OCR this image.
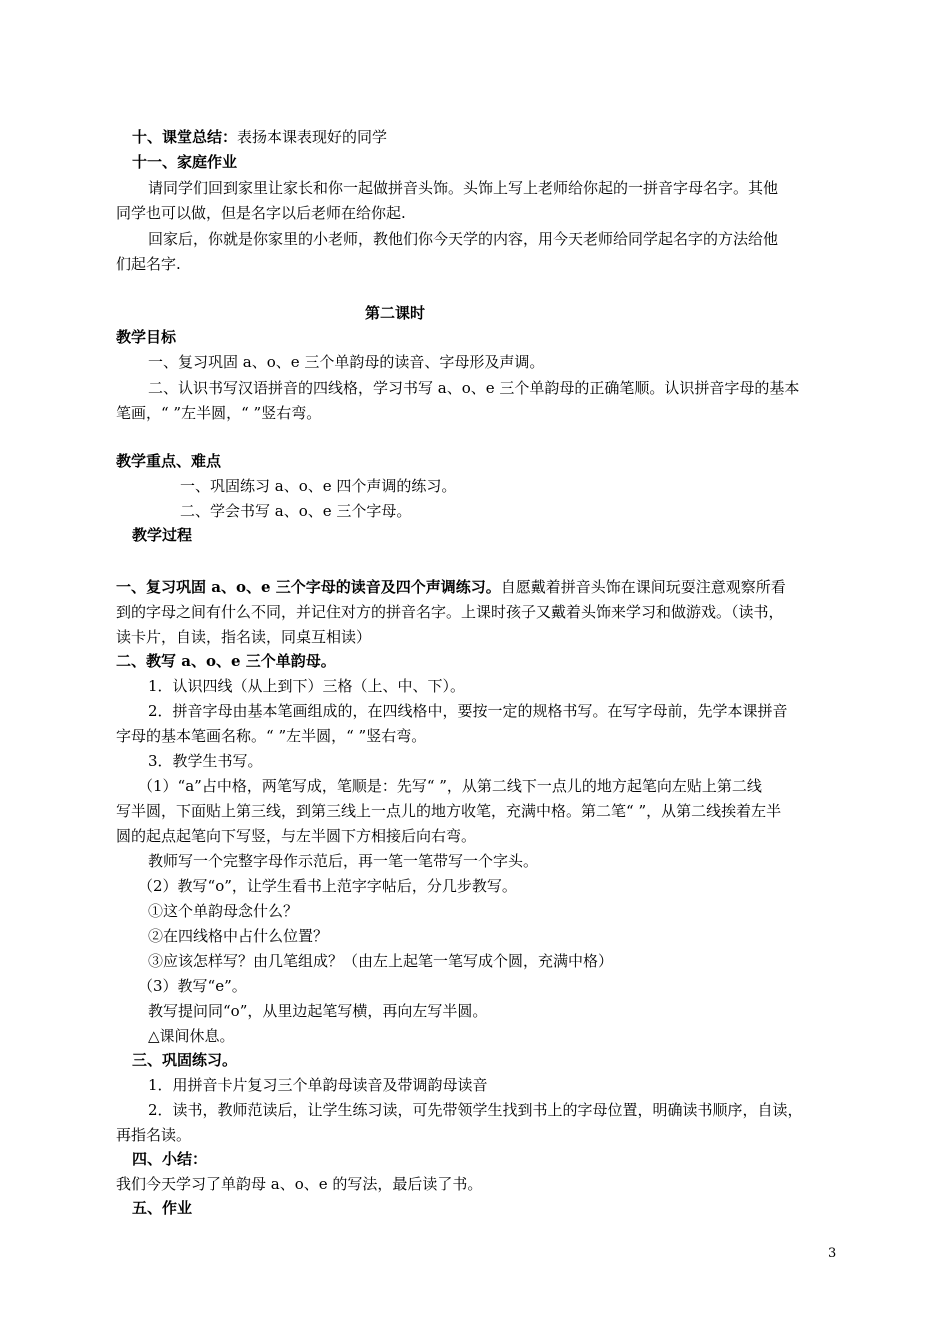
十、课堂总结：表扬本课表现好的同学
十一、家庭作业
请同学们回到家里让家长和你一起做拼音头饰。头饰上写上老师给你起的一拼音字母名字。其他
同学也可以做，但是名字以后老师在给你起.
回家后，你就是你家里的小老师，教他们你今天学的内容，用今天老师给同学起名字的方法给他
们起名字.
第二课时
教学目标
一、复习巩固 a、o、e 三个单韵母的读音、字母形及声调。
二、认识书写汉语拼音的四线格，学习书写 a、o、e 三个单韵母的正确笔顺。认识拼音字母的基本
笔画，“ ”左半圆，“ ”竖右弯。
教学重点、难点
一、巩固练习 a、o、e 四个声调的练习。
二、学会书写 a、o、e 三个字母。
教学过程
一、复习巩固 a、o、e 三个字母的读音及四个声调练习。自愿戴着拼音头饰在课间玩耍注意观察所看
到的字母之间有什么不同，并记住对方的拼音名字。上课时孩子又戴着头饰来学习和做游戏。（读书，
读卡片，自读，指名读，同桌互相读）
二、教写 a、o、e 三个单韵母。
1．认识四线（从上到下）三格（上、中、下）。
2．拼音字母由基本笔画组成的，在四线格中，要按一定的规格书写。在写字母前，先学本课拼音
字母的基本笔画名称。“ ”左半圆，“ ”竖右弯。
3．教学生书写。
（1）“a”占中格，两笔写成，笔顺是：先写“ ”，从第二线下一点儿的地方起笔向左贴上第二线
写半圆，下面贴上第三线，到第三线上一点儿的地方收笔，充满中格。第二笔“ ”，从第二线挨着左半
圆的起点起笔向下写竖，与左半圆下方相接后向右弯。
教师写一个完整字母作示范后，再一笔一笔带写一个字头。
（2）教写“o”，让学生看书上范字字帖后，分几步教写。
①这个单韵母念什么？
②在四线格中占什么位置？
③应该怎样写？由几笔组成？（由左上起笔一笔写成个圆，充满中格）
（3）教写“e”。
教写提问同“o”，从里边起笔写横，再向左写半圆。
△课间休息。
三、巩固练习。
1．用拼音卡片复习三个单韵母读音及带调韵母读音
2．读书，教师范读后，让学生练习读，可先带领学生找到书上的字母位置，明确读书顺序，自读，
再指名读。
四、小结：
我们今天学习了单韵母 a、o、e 的写法，最后读了书。
五、作业
3
